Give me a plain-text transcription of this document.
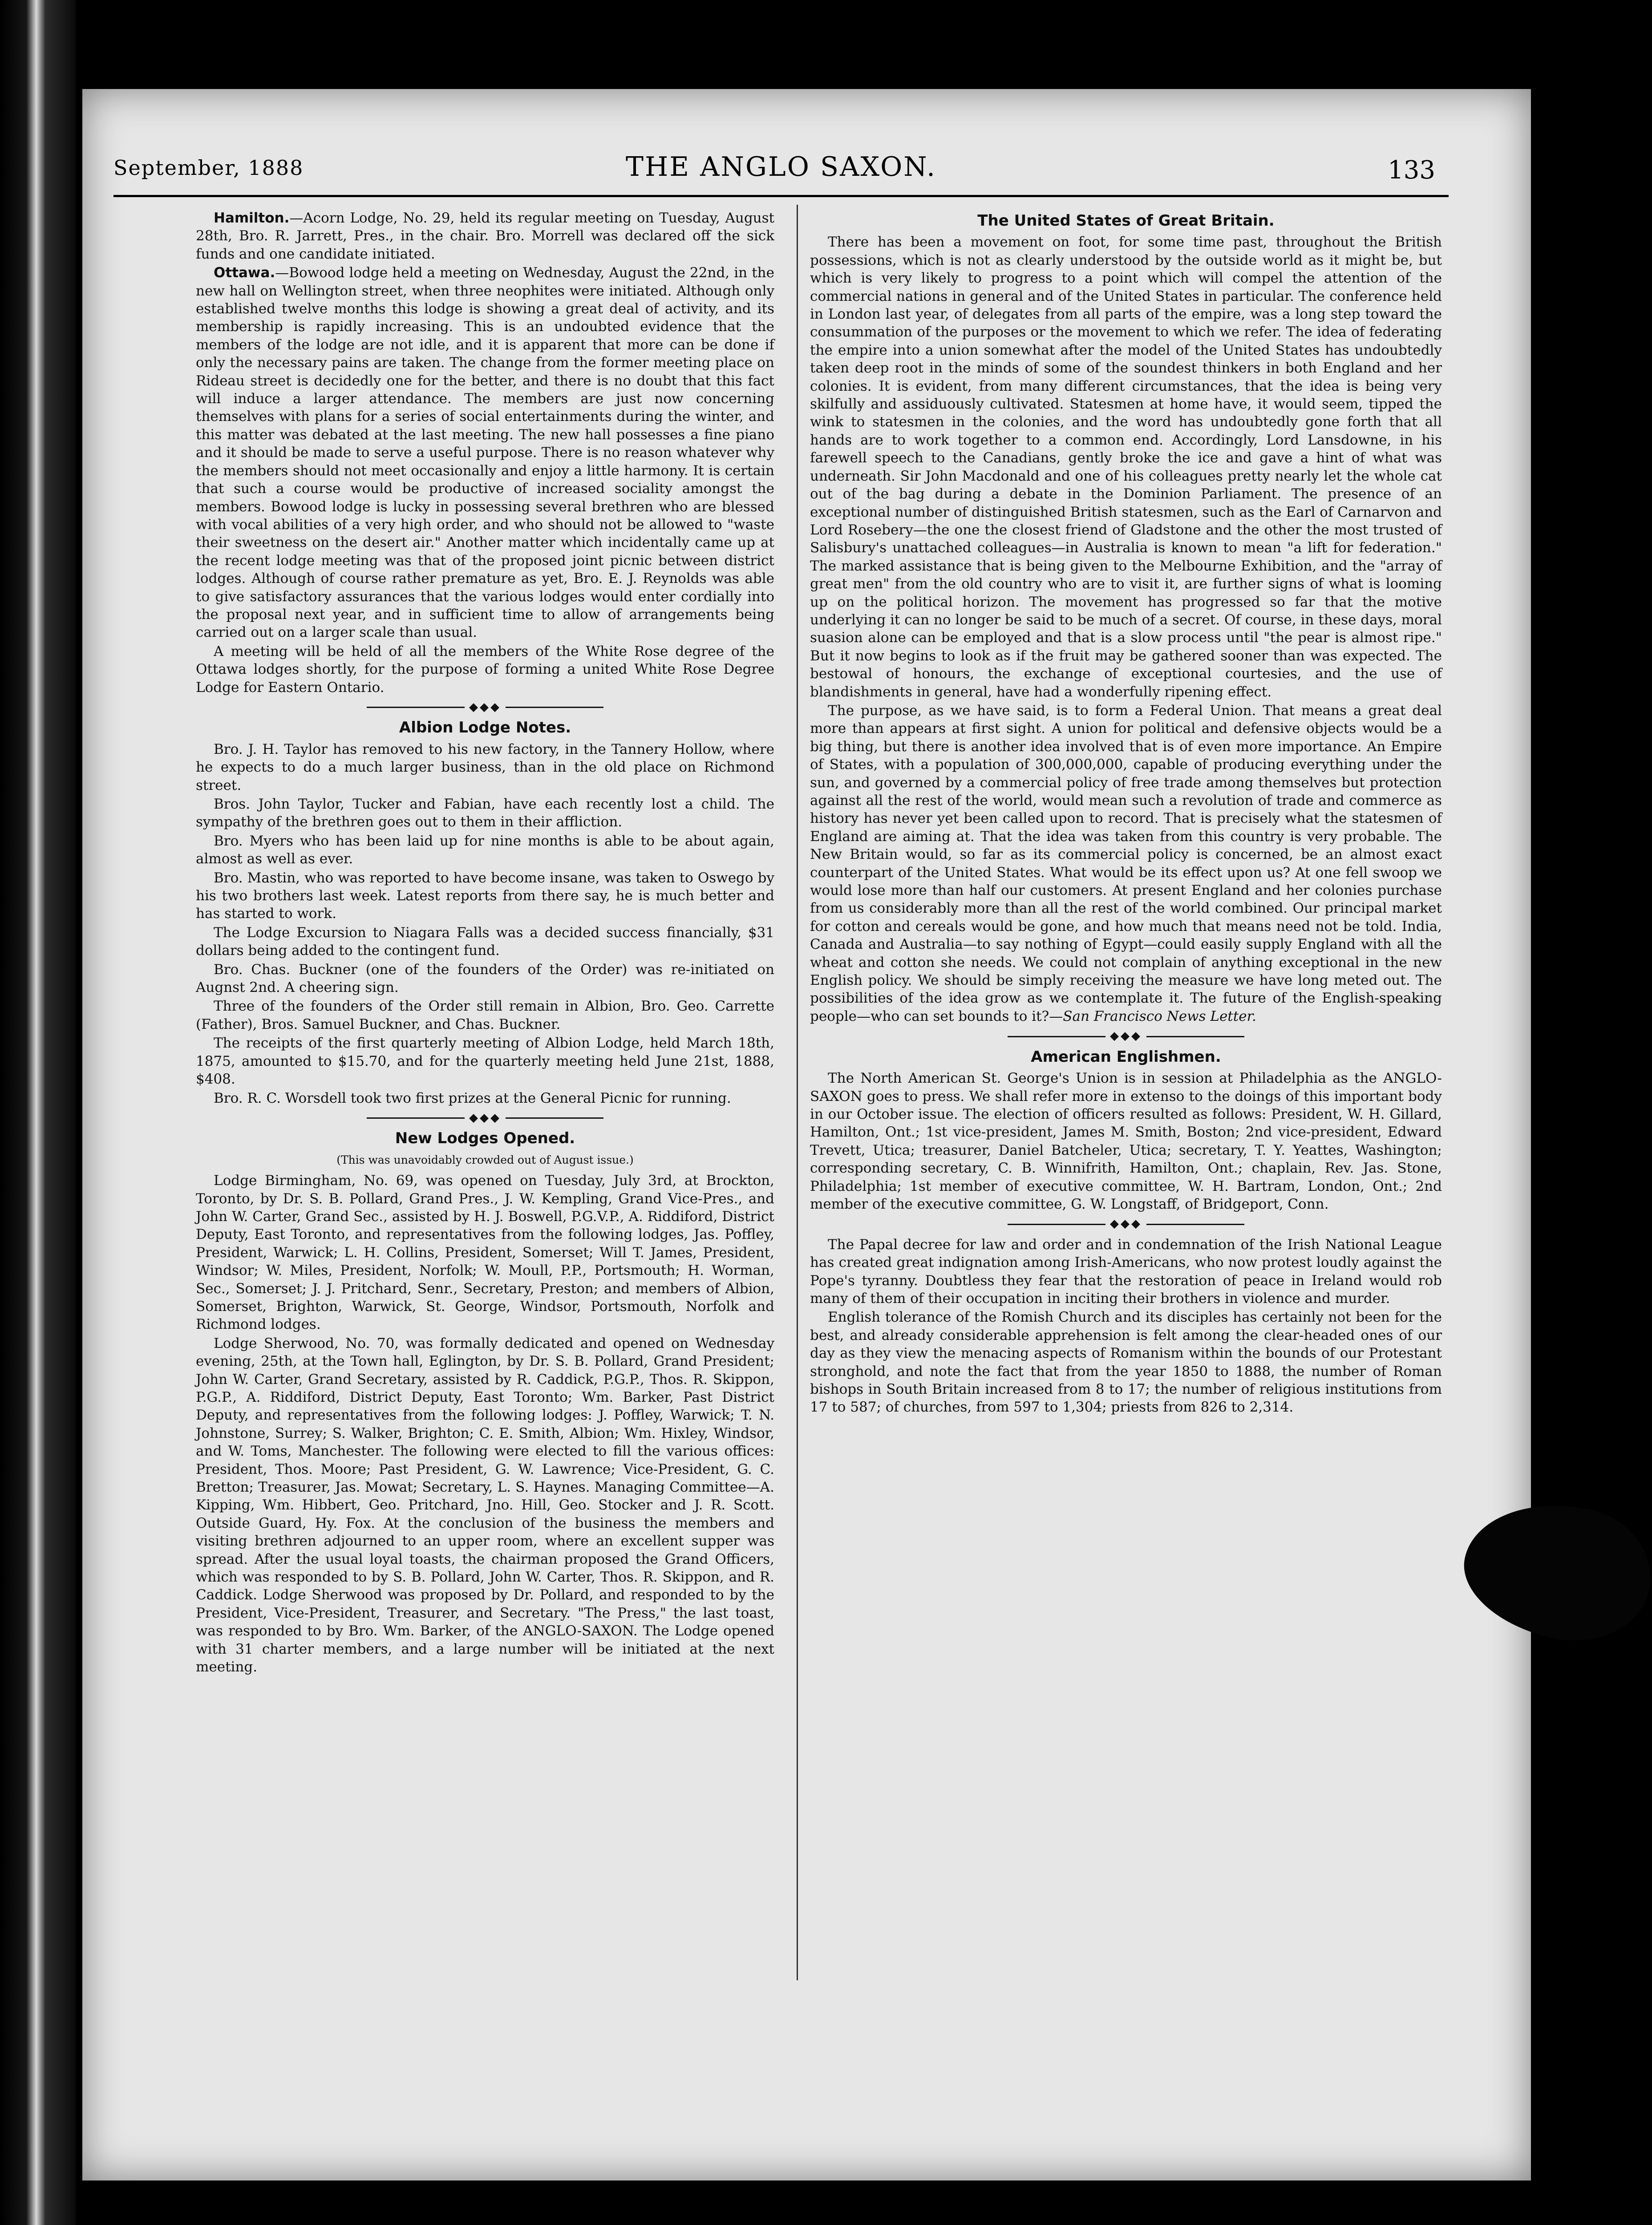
September, 1888	THE ANGLO SAXON.	133

Hamilton.—Acorn Lodge, No. 29, held its regular meeting on Tuesday, August 28th, Bro. R. Jarrett, Pres., in the chair. Bro. Morrell was declared off the sick funds and one candidate initiated.

Ottawa.—Bowood lodge held a meeting on Wednesday, August the 22nd, in the new hall on Wellington street, when three neophites were initiated. Although only established twelve months this lodge is showing a great deal of activity, and its membership is rapidly increasing. This is an undoubted evidence that the members of the lodge are not idle, and it is apparent that more can be done if only the necessary pains are taken. The change from the former meeting place on Rideau street is decidedly one for the better, and there is no doubt that this fact will induce a larger attendance. The members are just now concerning themselves with plans for a series of social entertainments during the winter, and this matter was debated at the last meeting. The new hall possesses a fine piano and it should be made to serve a useful purpose. There is no reason whatever why the members should not meet occasionally and enjoy a little harmony. It is certain that such a course would be productive of increased sociality amongst the members. Bowood lodge is lucky in possessing several brethren who are blessed with vocal abilities of a very high order, and who should not be allowed to "waste their sweetness on the desert air." Another matter which incidentally came up at the recent lodge meeting was that of the proposed joint picnic between district lodges. Although of course rather premature as yet, Bro. E. J. Reynolds was able to give satisfactory assurances that the various lodges would enter cordially into the proposal next year, and in sufficient time to allow of arrangements being carried out on a larger scale than usual.

A meeting will be held of all the members of the White Rose degree of the Ottawa lodges shortly, for the purpose of forming a united White Rose Degree Lodge for Eastern Ontario.

◆◆◆
Albion Lodge Notes.

Bro. J. H. Taylor has removed to his new factory, in the Tannery Hollow, where he expects to do a much larger business, than in the old place on Richmond street.

Bros. John Taylor, Tucker and Fabian, have each recently lost a child. The sympathy of the brethren goes out to them in their affliction.

Bro. Myers who has been laid up for nine months is able to be about again, almost as well as ever.

Bro. Mastin, who was reported to have become insane, was taken to Oswego by his two brothers last week. Latest reports from there say, he is much better and has started to work.

The Lodge Excursion to Niagara Falls was a decided success financially, $31 dollars being added to the contingent fund.

Bro. Chas. Buckner (one of the founders of the Order) was re-initiated on Augnst 2nd. A cheering sign.

Three of the founders of the Order still remain in Albion, Bro. Geo. Carrette (Father), Bros. Samuel Buckner, and Chas. Buckner.

The receipts of the first quarterly meeting of Albion Lodge, held March 18th, 1875, amounted to $15.70, and for the quarterly meeting held June 21st, 1888, $408.

Bro. R. C. Worsdell took two first prizes at the General Picnic for running.

◆◆◆
New Lodges Opened.
(This was unavoidably crowded out of August issue.)

Lodge Birmingham, No. 69, was opened on Tuesday, July 3rd, at Brockton, Toronto, by Dr. S. B. Pollard, Grand Pres., J. W. Kempling, Grand Vice-Pres., and John W. Carter, Grand Sec., assisted by H. J. Boswell, P.G.V.P., A. Riddiford, District Deputy, East Toronto, and representatives from the following lodges, Jas. Poffley, President, Warwick; L. H. Collins, President, Somerset; Will T. James, President, Windsor; W. Miles, President, Norfolk; W. Moull, P.P., Portsmouth; H. Worman, Sec., Somerset; J. J. Pritchard, Senr., Secretary, Preston; and members of Albion, Somerset, Brighton, Warwick, St. George, Windsor, Portsmouth, Norfolk and Richmond lodges.

Lodge Sherwood, No. 70, was formally dedicated and opened on Wednesday evening, 25th, at the Town hall, Eglington, by Dr. S. B. Pollard, Grand President; John W. Carter, Grand Secretary, assisted by R. Caddick, P.G.P., Thos. R. Skippon, P.G.P., A. Riddiford, District Deputy, East Toronto; Wm. Barker, Past District Deputy, and representatives from the following lodges: J. Poffley, Warwick; T. N. Johnstone, Surrey; S. Walker, Brighton; C. E. Smith, Albion; Wm. Hixley, Windsor, and W. Toms, Manchester. The following were elected to fill the various offices: President, Thos. Moore; Past President, G. W. Lawrence; Vice-President, G. C. Bretton; Treasurer, Jas. Mowat; Secretary, L. S. Haynes. Managing Committee—A. Kipping, Wm. Hibbert, Geo. Pritchard, Jno. Hill, Geo. Stocker and J. R. Scott. Outside Guard, Hy. Fox. At the conclusion of the business the members and visiting brethren adjourned to an upper room, where an excellent supper was spread. After the usual loyal toasts, the chairman proposed the Grand Officers, which was responded to by S. B. Pollard, John W. Carter, Thos. R. Skippon, and R. Caddick. Lodge Sherwood was proposed by Dr. Pollard, and responded to by the President, Vice-President, Treasurer, and Secretary. "The Press," the last toast, was responded to by Bro. Wm. Barker, of the ANGLO-SAXON. The Lodge opened with 31 charter members, and a large number will be initiated at the next meeting.

The United States of Great Britain.

There has been a movement on foot, for some time past, throughout the British possessions, which is not as clearly understood by the outside world as it might be, but which is very likely to progress to a point which will compel the attention of the commercial nations in general and of the United States in particular. The conference held in London last year, of delegates from all parts of the empire, was a long step toward the consummation of the purposes or the movement to which we refer. The idea of federating the empire into a union somewhat after the model of the United States has undoubtedly taken deep root in the minds of some of the soundest thinkers in both England and her colonies. It is evident, from many different circumstances, that the idea is being very skilfully and assiduously cultivated. Statesmen at home have, it would seem, tipped the wink to statesmen in the colonies, and the word has undoubtedly gone forth that all hands are to work together to a common end. Accordingly, Lord Lansdowne, in his farewell speech to the Canadians, gently broke the ice and gave a hint of what was underneath. Sir John Macdonald and one of his colleagues pretty nearly let the whole cat out of the bag during a debate in the Dominion Parliament. The presence of an exceptional number of distinguished British statesmen, such as the Earl of Carnarvon and Lord Rosebery—the one the closest friend of Gladstone and the other the most trusted of Salisbury's unattached colleagues—in Australia is known to mean "a lift for federation." The marked assistance that is being given to the Melbourne Exhibition, and the "array of great men" from the old country who are to visit it, are further signs of what is looming up on the political horizon. The movement has progressed so far that the motive underlying it can no longer be said to be much of a secret. Of course, in these days, moral suasion alone can be employed and that is a slow process until "the pear is almost ripe." But it now begins to look as if the fruit may be gathered sooner than was expected. The bestowal of honours, the exchange of exceptional courtesies, and the use of blandishments in general, have had a wonderfully ripening effect.

The purpose, as we have said, is to form a Federal Union. That means a great deal more than appears at first sight. A union for political and defensive objects would be a big thing, but there is another idea involved that is of even more importance. An Empire of States, with a population of 300,000,000, capable of producing everything under the sun, and governed by a commercial policy of free trade among themselves but protection against all the rest of the world, would mean such a revolution of trade and commerce as history has never yet been called upon to record. That is precisely what the statesmen of England are aiming at. That the idea was taken from this country is very probable. The New Britain would, so far as its commercial policy is concerned, be an almost exact counterpart of the United States. What would be its effect upon us? At one fell swoop we would lose more than half our customers. At present England and her colonies purchase from us considerably more than all the rest of the world combined. Our principal market for cotton and cereals would be gone, and how much that means need not be told. India, Canada and Australia—to say nothing of Egypt—could easily supply England with all the wheat and cotton she needs. We could not complain of anything exceptional in the new English policy. We should be simply receiving the measure we have long meted out. The possibilities of the idea grow as we contemplate it. The future of the English-speaking people—who can set bounds to it?—San Francisco News Letter.

◆◆◆
American Englishmen.

The North American St. George's Union is in session at Philadelphia as the ANGLO-SAXON goes to press. We shall refer more in extenso to the doings of this important body in our October issue. The election of officers resulted as follows: President, W. H. Gillard, Hamilton, Ont.; 1st vice-president, James M. Smith, Boston; 2nd vice-president, Edward Trevett, Utica; treasurer, Daniel Batcheler, Utica; secretary, T. Y. Yeattes, Washington; corresponding secretary, C. B. Winnifrith, Hamilton, Ont.; chaplain, Rev. Jas. Stone, Philadelphia; 1st member of executive committee, W. H. Bartram, London, Ont.; 2nd member of the executive committee, G. W. Longstaff, of Bridgeport, Conn.

◆◆◆

The Papal decree for law and order and in condemnation of the Irish National League has created great indignation among Irish-Americans, who now protest loudly against the Pope's tyranny. Doubtless they fear that the restoration of peace in Ireland would rob many of them of their occupation in inciting their brothers in violence and murder.

English tolerance of the Romish Church and its disciples has certainly not been for the best, and already considerable apprehension is felt among the clear-headed ones of our day as they view the menacing aspects of Romanism within the bounds of our Protestant stronghold, and note the fact that from the year 1850 to 1888, the number of Roman bishops in South Britain increased from 8 to 17; the number of religious institutions from 17 to 587; of churches, from 597 to 1,304; priests from 826 to 2,314.
